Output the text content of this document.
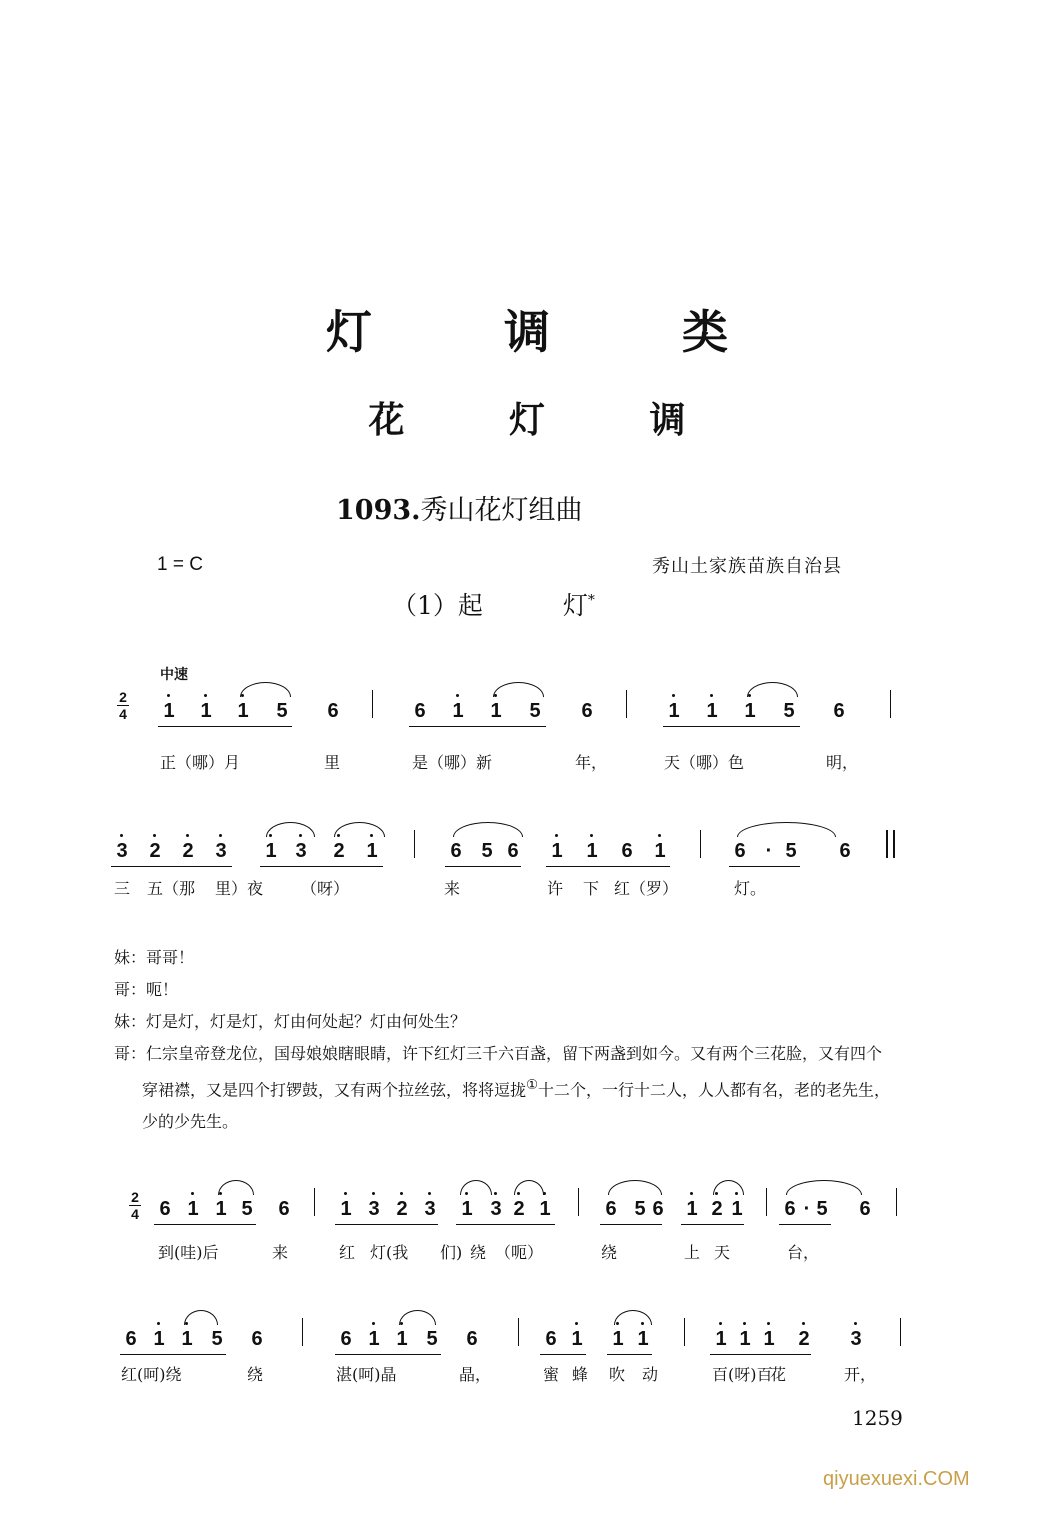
灯 调 类
花 灯 调
1093.秀山花灯组曲
1 = C	秀山土家族苗族自治县
（1）起	灯*
中速
2
4 1 1 1 5 6	6 1 1 5 6	1 1 1 5 6
正（哪）月	里	是（哪）新	年，	天（哪）色	明，
3 2 2 3 1 3 2 1	6 5 6 1 1 6 1	6 · 5 6
三 五（那 里）夜 （呀）	来	许 下 红（罗）	灯。
妹：哥哥！
哥：呃！
妹：灯是灯，灯是灯，灯由何处起？灯由何处生？
哥：仁宗皇帝登龙位，国母娘娘瞎眼睛，许下红灯三千六百盏，留下两盏到如今。又有两个三花脸，又有四个
穿裙襟，又是四个打锣鼓，又有两个拉丝弦，将将逗拢①十二个，一行十二人，人人都有名，老的老先生，
少的少先生。
2
4 6 1 1 5 6	1 3 2 3 1 3 2 1	6 5 6 1 2 1 6 · 5 6
到(哇)后	来	红 灯(我 们) 绕 （呃）	绕	上 天	台，
6 1 1 5 6	6 1 1 5 6	6 1 1 1	1 1 1 2 3
红(呵)绕	绕	湛(呵)晶	晶，	蜜 蜂 吹 动	百(呀)百
花	开，
1259
qiyuexuexi.COM
